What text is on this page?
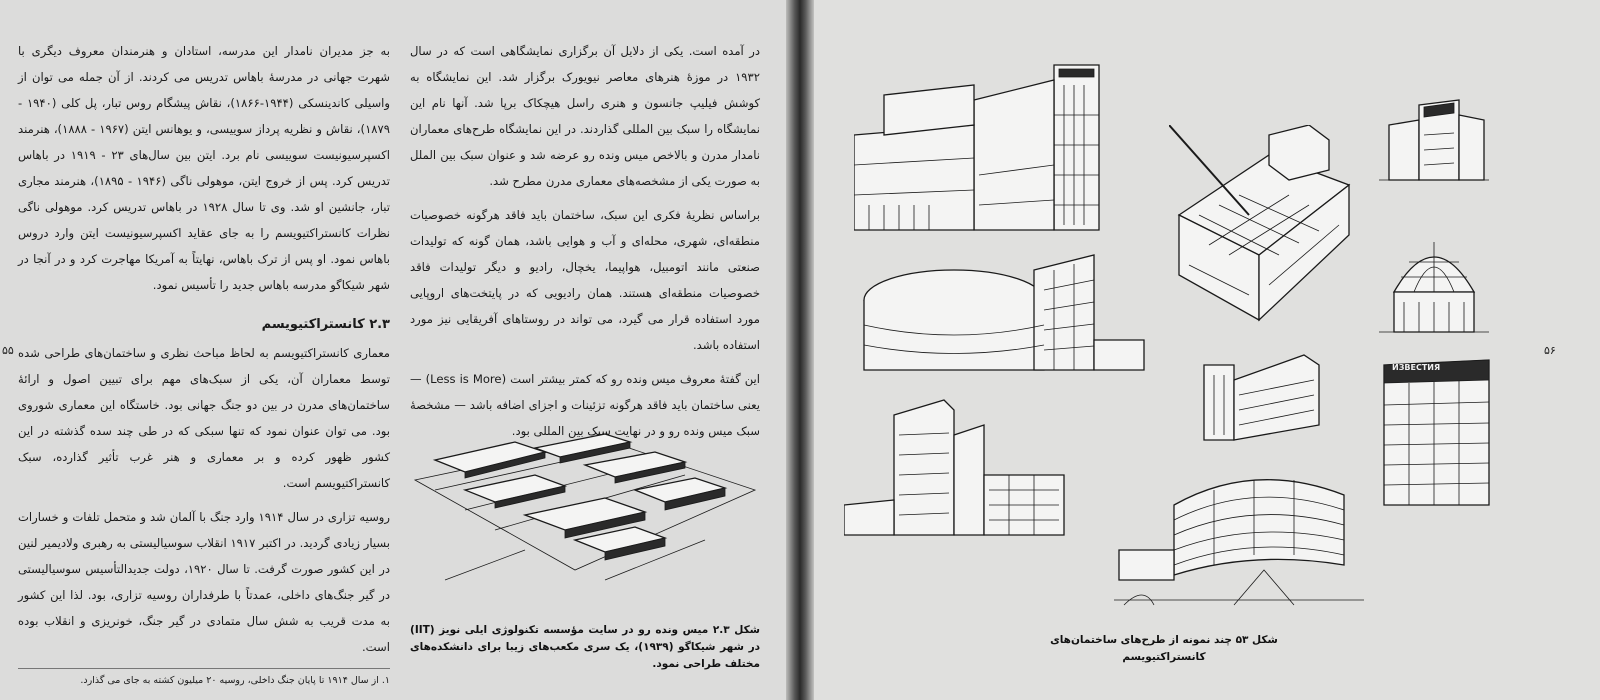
به جز مدیران نامدار این مدرسه، استادان و هنرمندان معروف دیگری با شهرت جهانی در مدرسهٔ باهاس تدریس می کردند. از آن جمله می توان از واسیلی کاندینسکی (۱۹۴۴-۱۸۶۶)، نقاش پیشگام روس تبار، پل کلی (۱۹۴۰ - ۱۸۷۹)، نقاش و نظریه پرداز سوییسی، و یوهانس ایتن (۱۹۶۷ - ۱۸۸۸)، هنرمند اکسپرسیونیست سوییسی نام برد. ایتن بین سال‌های ۲۳ - ۱۹۱۹ در باهاس تدریس کرد. پس از خروج ایتن، موهولی ناگی (۱۹۴۶ - ۱۸۹۵)، هنرمند مجاری تبار، جانشین او شد. وی تا سال ۱۹۲۸ در باهاس تدریس کرد. موهولی ناگی نظرات کانستراکتیویسم را به جای عقاید اکسپرسیونیست ایتن وارد دروس باهاس نمود. او پس از ترک باهاس، نهایتاً به آمریکا مهاجرت کرد و در آنجا در شهر شیکاگو مدرسه باهاس جدید را تأسیس نمود.

۲.۳ کانستراکتیویسم

معماری کانستراکتیویسم به لحاظ مباحث نظری و ساختمان‌های طراحی شده توسط معماران آن، یکی از سبک‌های مهم برای تبیین اصول و ارائهٔ ساختمان‌های مدرن در بین دو جنگ جهانی بود. خاستگاه این معماری شوروی بود. می توان عنوان نمود که تنها سبکی که در طی چند سده گذشته در این کشور ظهور کرده و بر معماری و هنر غرب تأثیر گذارده، سبک کانستراکتیویسم است.

روسیه تزاری در سال ۱۹۱۴ وارد جنگ با آلمان شد و متحمل تلفات و خسارات بسیار زیادی گردید. در اکتبر ۱۹۱۷ انقلاب سوسیالیستی به رهبری ولادیمیر لنین در این کشور صورت گرفت. تا سال ۱۹۲۰، دولت جدیدالتأسیس سوسیالیستی در گیر جنگ‌های داخلی، عمدتاً با طرفداران روسیه تزاری، بود. لذا این کشور به مدت قریب به شش سال متمادی در گیر جنگ، خونریزی و انقلاب بوده است.

۱. از سال ۱۹۱۴ تا پایان جنگ داخلی، روسیه ۲۰ میلیون کشته به جای می گذارد.

در آمده است. یکی از دلایل آن برگزاری نمایشگاهی است که در سال ۱۹۳۲ در موزهٔ هنرهای معاصر نیویورک برگزار شد. این نمایشگاه به کوشش فیلیپ جانسون و هنری راسل هیچکاک برپا شد. آنها نام این نمایشگاه را سبک بین المللی گذاردند. در این نمایشگاه طرح‌های معماران نامدار مدرن و بالاخص میس ونده رو عرضه شد و عنوان سبک بین الملل به صورت یکی از مشخصه‌های معماری مدرن مطرح شد.

براساس نظریهٔ فکری این سبک، ساختمان باید فاقد هرگونه خصوصیات منطقه‌ای، شهری، محله‌ای و آب و هوایی باشد، همان گونه که تولیدات صنعتی مانند اتومبیل، هواپیما، یخچال، رادیو و دیگر تولیدات فاقد خصوصیات منطقه‌ای هستند. همان رادیویی که در پایتخت‌های اروپایی مورد استفاده قرار می گیرد، می تواند در روستاهای آفریقایی نیز مورد استفاده باشد.

این گفتهٔ معروف میس ونده رو که کمتر بیشتر است (Less is More) — یعنی ساختمان باید فاقد هرگونه تزئینات و اجزای اضافه باشد — مشخصهٔ سبک میس ونده رو و در نهایت سبک بین المللی بود.

شکل ۲.۳ میس ونده رو در سایت مؤسسه تکنولوژی ایلی نویز (IIT) در شهر شیکاگو (۱۹۳۹)، یک سری مکعب‌های زیبا برای دانشکده‌های مختلف طراحی نمود.
۵۵
ИЗВЕСТИЯ
شکل ۵۳ چند نمونه از طرح‌های ساختمان‌های کانستراکتیویسم
۵۶
